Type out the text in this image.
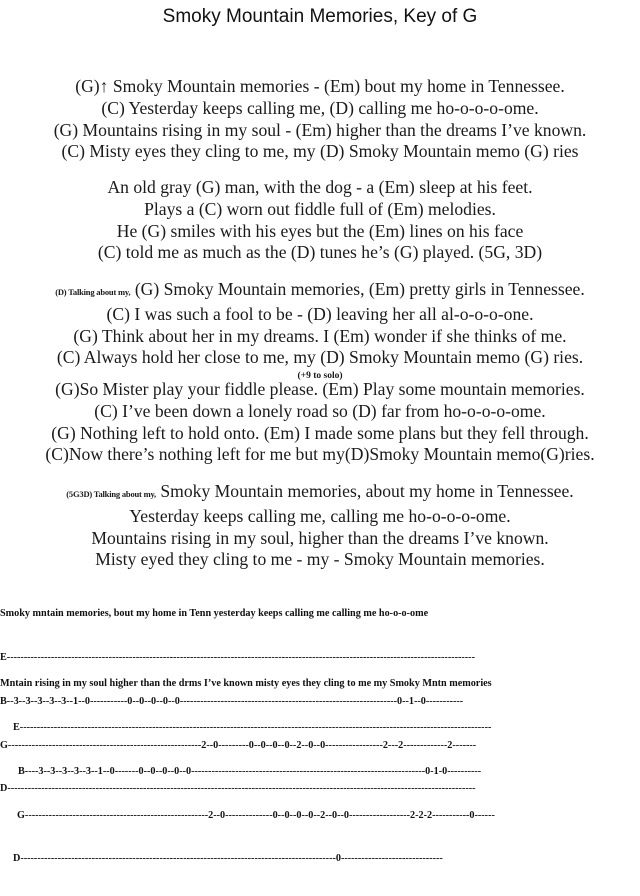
Smoky Mountain Memories, Key of G
(G)↑ Smoky Mountain memories - (Em) bout my home in Tennessee.
(C) Yesterday keeps calling me, (D) calling me ho-o-o-o-ome.
(G) Mountains rising in my soul - (Em) higher than the dreams I’ve known.
(C) Misty eyes they cling to me, my (D) Smoky Mountain memo (G) ries
An old gray (G) man, with the dog - a (Em) sleep at his feet.
Plays a (C) worn out fiddle full of (Em) melodies.
He (G) smiles with his eyes but the (Em) lines on his face
(C) told me as much as the (D) tunes he’s (G) played. (5G, 3D)
(D) Talking about my, (G) Smoky Mountain memories, (Em) pretty girls in Tennessee.
(C) I was such a fool to be - (D) leaving her all al-o-o-o-one.
(G) Think about her in my dreams. I (Em) wonder if she thinks of me.
(C) Always hold her close to me, my (D) Smoky Mountain memo (G) ries.
(+9 to solo)
(G)So Mister play your fiddle please. (Em) Play some mountain memories.
(C) I’ve been down a lonely road so (D) far from ho-o-o-o-ome.
(G) Nothing left to hold onto. (Em) I made some plans but they fell through.
(C)Now there’s nothing left for me but my(D)Smoky Mountain memo(G)ries.
(5G3D) Talking about my, Smoky Mountain memories, about my home in Tennessee.
Yesterday keeps calling me, calling me ho-o-o-o-ome.
Mountains rising in my soul, higher than the dreams I’ve known.
Misty eyed they cling to me - my - Smoky Mountain memories.

Smoky mntain memories, bout my home in Tenn yesterday keeps calling me calling me ho-o-o-ome

E------------------------------------------------------------------------------------------------------------------------------------------

B--3--3--3--3--3--1--0-----------0--0--0--0--0----------------------------------------------------------------0--1--0-----------

G---------------------------------------------------------2--0---------0--0--0--0--2--0--0-----------------2---2-------------2-------

D------------------------------------------------------------------------------------------------------------------------------------------

Mntain rising in my soul higher than the drms I’ve known misty eyes they cling to me my Smoky Mntn memories

E-------------------------------------------------------------------------------------------------------------------------------------------

B----3--3--3--3--3--1--0-------0--0--0--0--0---------------------------------------------------------------------0-1-0----------

G------------------------------------------------------2--0--------------0--0--0--0--2--0--0------------------2-2-2-----------0------

D---------------------------------------------------------------------------------------------0------------------------------
